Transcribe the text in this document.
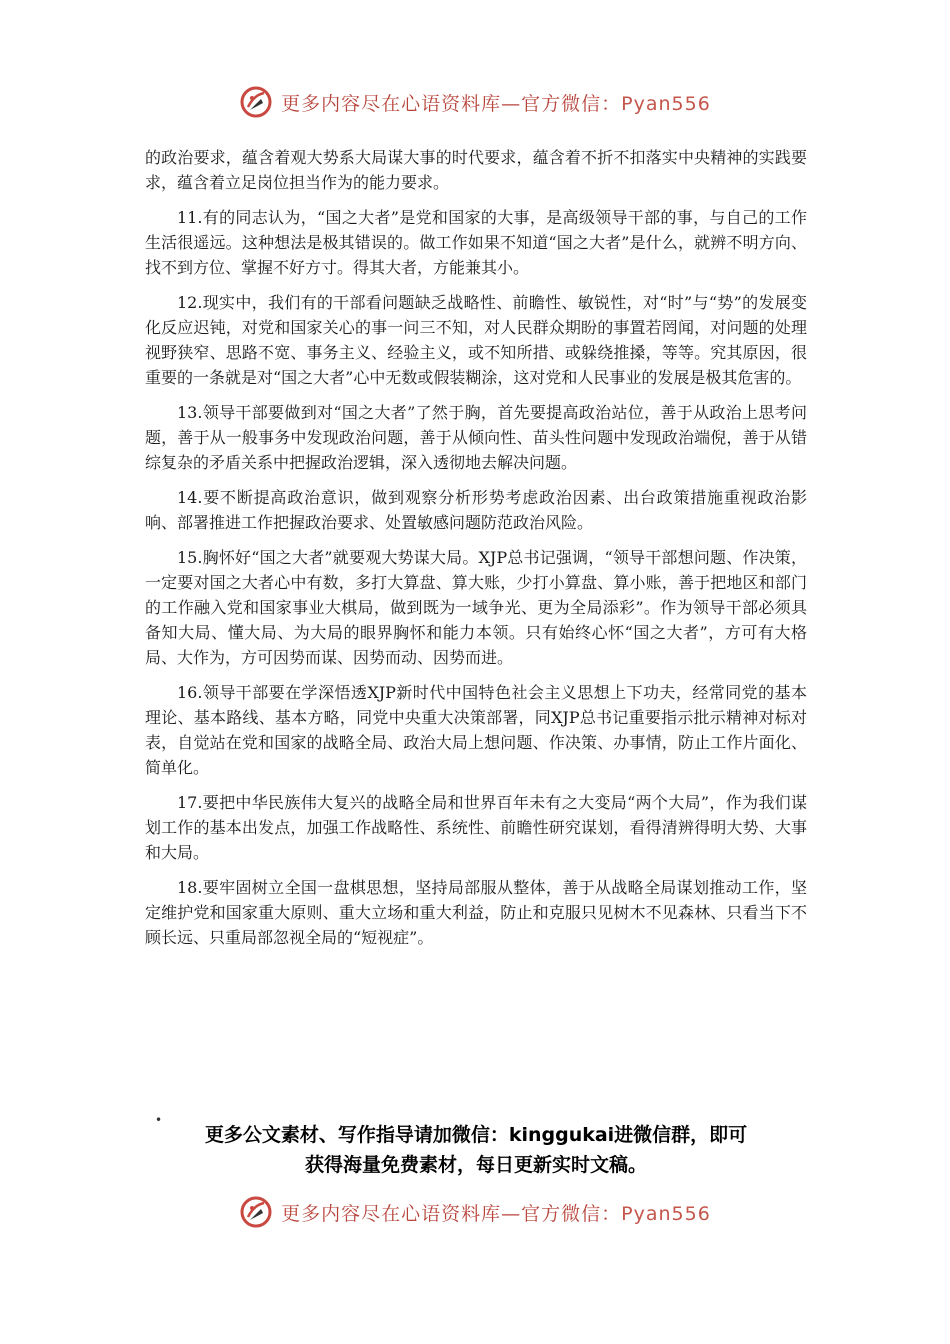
更多内容尽在心语资料库—官方微信：Pyan556

的政治要求，蕴含着观大势系大局谋大事的时代要求，蕴含着不折不扣落实中央精神的实践要求，蕴含着立足岗位担当作为的能力要求。

11.有的同志认为，“国之大者”是党和国家的大事，是高级领导干部的事，与自己的工作生活很遥远。这种想法是极其错误的。做工作如果不知道“国之大者”是什么，就辨不明方向、找不到方位、掌握不好方寸。得其大者，方能兼其小。

12.现实中，我们有的干部看问题缺乏战略性、前瞻性、敏锐性，对“时”与“势”的发展变化反应迟钝，对党和国家关心的事一问三不知，对人民群众期盼的事置若罔闻，对问题的处理视野狭窄、思路不宽、事务主义、经验主义，或不知所措、或躲绕推搡，等等。究其原因，很重要的一条就是对“国之大者”心中无数或假装糊涂，这对党和人民事业的发展是极其危害的。

13.领导干部要做到对“国之大者”了然于胸，首先要提高政治站位，善于从政治上思考问题，善于从一般事务中发现政治问题，善于从倾向性、苗头性问题中发现政治端倪，善于从错综复杂的矛盾关系中把握政治逻辑，深入透彻地去解决问题。

14.要不断提高政治意识，做到观察分析形势考虑政治因素、出台政策措施重视政治影响、部署推进工作把握政治要求、处置敏感问题防范政治风险。

15.胸怀好“国之大者”就要观大势谋大局。XJP总书记强调，“领导干部想问题、作决策，一定要对国之大者心中有数，多打大算盘、算大账，少打小算盘、算小账，善于把地区和部门的工作融入党和国家事业大棋局，做到既为一域争光、更为全局添彩”。作为领导干部必须具备知大局、懂大局、为大局的眼界胸怀和能力本领。只有始终心怀“国之大者”，方可有大格局、大作为，方可因势而谋、因势而动、因势而进。

16.领导干部要在学深悟透XJP新时代中国特色社会主义思想上下功夫，经常同党的基本理论、基本路线、基本方略，同党中央重大决策部署，同XJP总书记重要指示批示精神对标对表，自觉站在党和国家的战略全局、政治大局上想问题、作决策、办事情，防止工作片面化、简单化。

17.要把中华民族伟大复兴的战略全局和世界百年未有之大变局“两个大局”，作为我们谋划工作的基本出发点，加强工作战略性、系统性、前瞻性研究谋划，看得清辨得明大势、大事和大局。

18.要牢固树立全国一盘棋思想，坚持局部服从整体，善于从战略全局谋划推动工作，坚定维护党和国家重大原则、重大立场和重大利益，防止和克服只见树木不见森林、只看当下不顾长远、只重局部忽视全局的“短视症”。

•
更多公文素材、写作指导请加微信：kinggukai进微信群，即可
获得海量免费素材，每日更新实时文稿。
更多内容尽在心语资料库—官方微信：Pyan556
